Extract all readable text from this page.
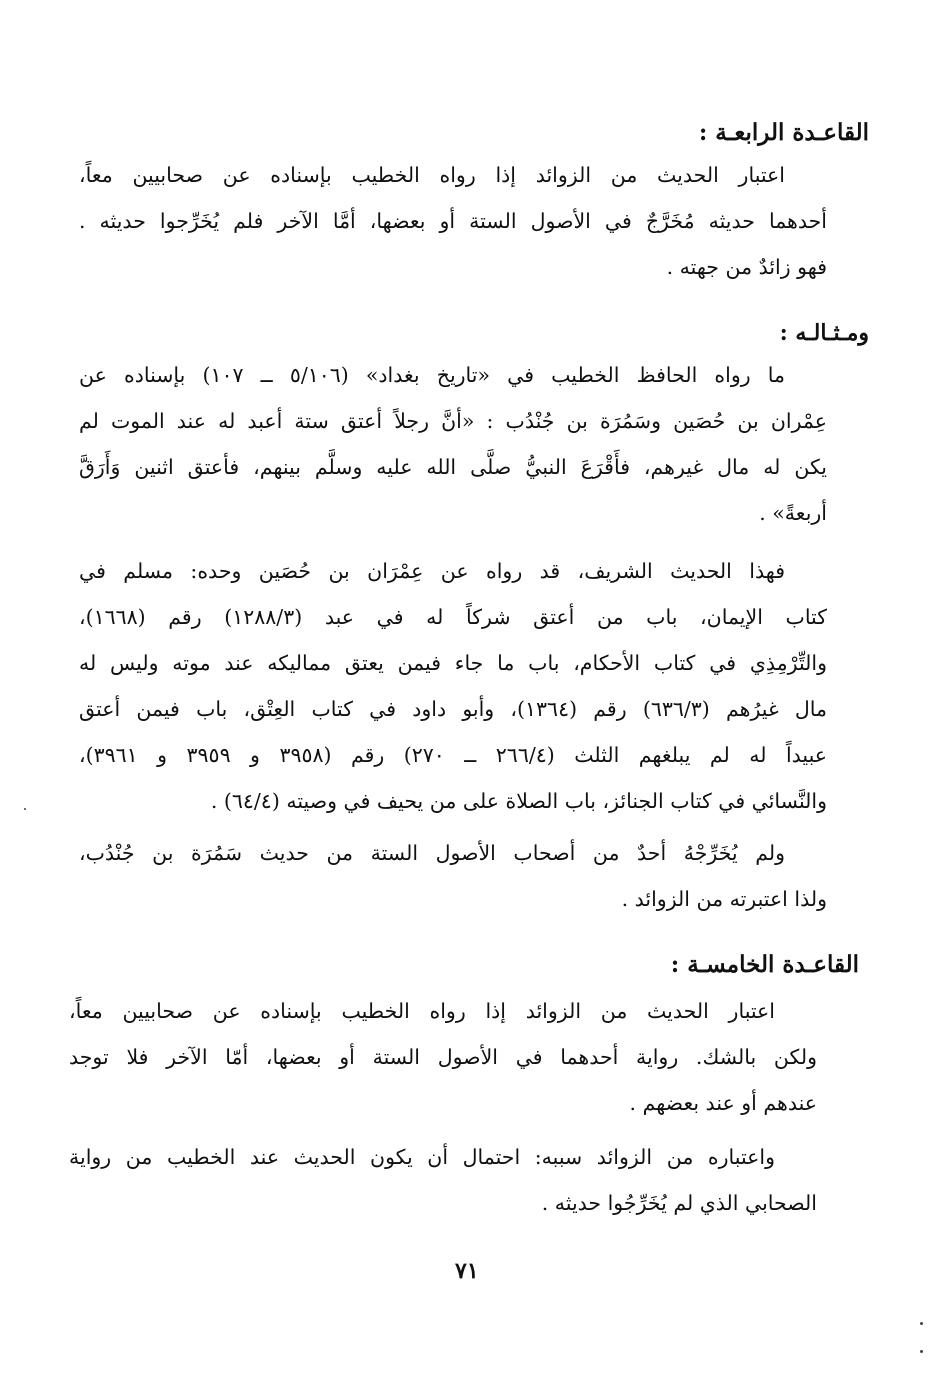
القاعـدة الرابعـة :
اعتبار الحديث من الزوائد إذا رواه الخطيب بإسناده عن صحابيين معاً،
أحدهما حديثه مُخَرَّجٌ في الأصول الستة أو بعضها، أمَّا الآخر فلم يُخَرِّجوا حديثه .
فهو زائدٌ من جهته .
ومـثـالـه :
ما رواه الحافظ الخطيب في «تاريخ بغداد» (٥/١٠٦ ــ ١٠٧) بإسناده عن
عِمْران بن حُصَين وسَمُرَة بن جُنْدُب : «أنَّ رجلاً أعتق ستة أعبد له عند الموت لم
يكن له مال غيرهم، فأَقْرَعَ النبيُّ صلَّى الله عليه وسلَّم بينهم، فأعتق اثنين وَأَرَقَّ
أربعةً» .
فهذا الحديث الشريف، قد رواه عن عِمْرَان بن حُصَين وحده: مسلم في
كتاب الإيمان، باب من أعتق شركاً له في عبد (١٢٨٨/٣) رقم (١٦٦٨)،
والتِّرْمِذِي في كتاب الأحكام، باب ما جاء فيمن يعتق مماليكه عند موته وليس له
مال غيرُهم (٦٣٦/٣) رقم (١٣٦٤)، وأبو داود في كتاب العِتْق، باب فيمن أعتق
عبيداً له لم يبلغهم الثلث (٢٦٦/٤ ــ ٢٧٠) رقم (٣٩٥٨ و ٣٩٥٩ و ٣٩٦١)،
والنَّسائي في كتاب الجنائز، باب الصلاة على من يحيف في وصيته (٦٤/٤) .
ولم يُخَرِّجْهُ أحدٌ من أصحاب الأصول الستة من حديث سَمُرَة بن جُنْدُب،
ولذا اعتبرته من الزوائد .
القاعـدة الخامسـة :
اعتبار الحديث من الزوائد إذا رواه الخطيب بإسناده عن صحابيين معاً،
ولكن بالشك. رواية أحدهما في الأصول الستة أو بعضها، أمّا الآخر فلا توجد
عندهم أو عند بعضهم .
واعتباره من الزوائد سببه: احتمال أن يكون الحديث عند الخطيب من رواية
الصحابي الذي لم يُخَرِّجُوا حديثه .
٧١
